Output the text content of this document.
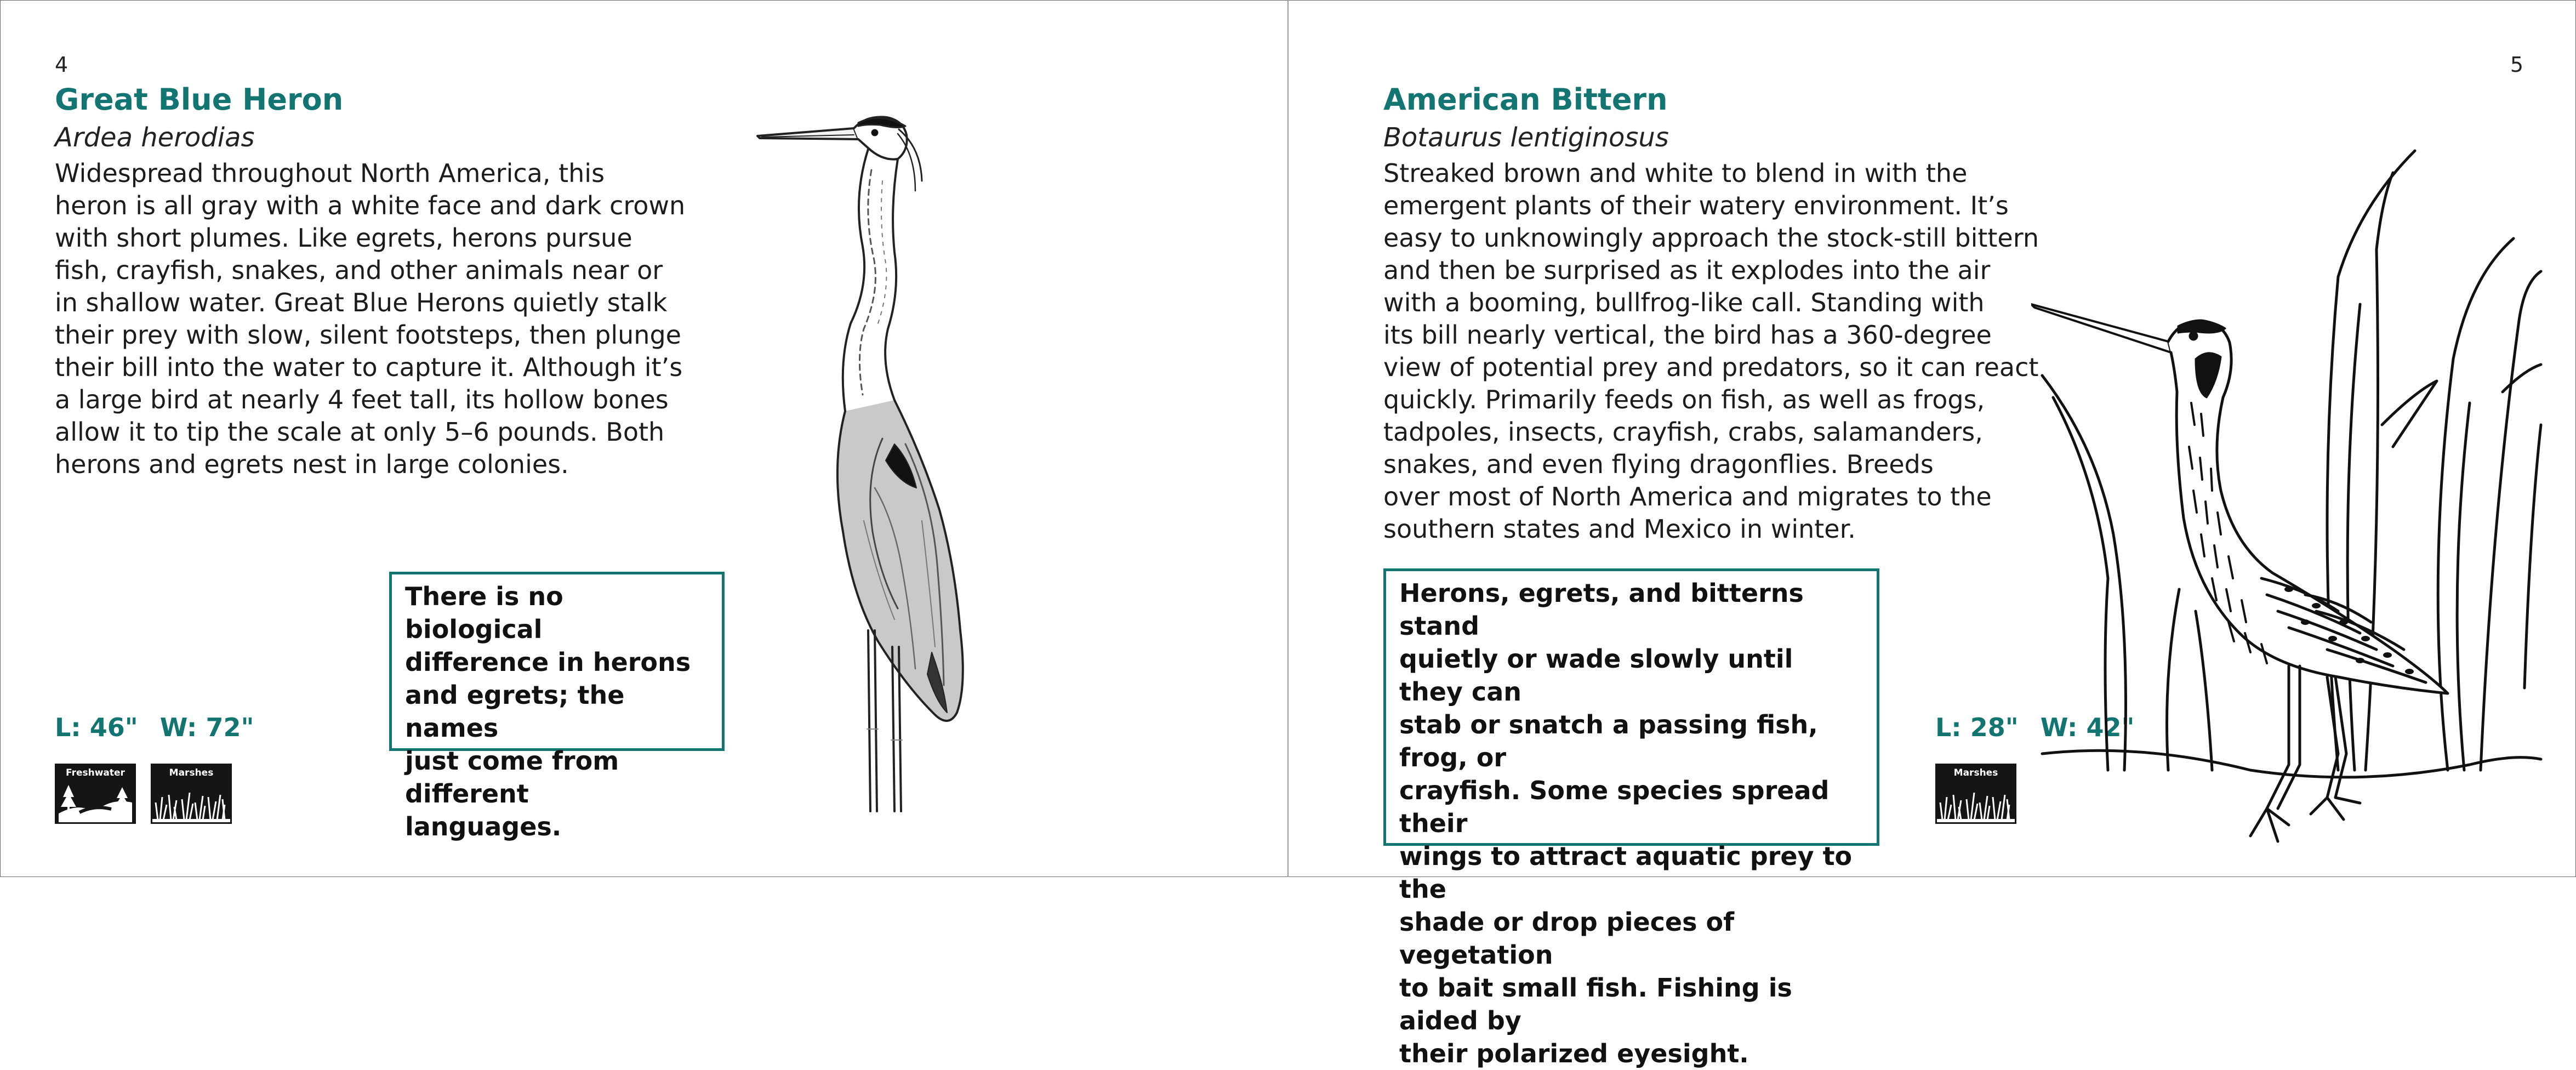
4
Great Blue Heron
Ardea herodias
Widespread throughout North America, this
heron is all gray with a white face and dark crown
with short plumes. Like egrets, herons pursue
fish, crayfish, snakes, and other animals near or
in shallow water. Great Blue Herons quietly stalk
their prey with slow, silent footsteps, then plunge
their bill into the water to capture it. Although it’s
a large bird at nearly 4 feet tall, its hollow bones
allow it to tip the scale at only 5–6 pounds. Both
herons and egrets nest in large colonies.
There is no biological
difference in herons
and egrets; the names
just come from different
languages.
L: 46" W: 72"
Freshwater	Marshes
5
American Bittern
Botaurus lentiginosus
Streaked brown and white to blend in with the
emergent plants of their watery environment. It’s
easy to unknowingly approach the stock-still bittern
and then be surprised as it explodes into the air
with a booming, bullfrog-like call. Standing with
its bill nearly vertical, the bird has a 360-degree
view of potential prey and predators, so it can react
quickly. Primarily feeds on fish, as well as frogs,
tadpoles, insects, crayfish, crabs, salamanders,
snakes, and even flying dragonflies. Breeds
over most of North America and migrates to the
southern states and Mexico in winter.
Herons, egrets, and bitterns stand
quietly or wade slowly until they can
stab or snatch a passing fish, frog, or
crayfish. Some species spread their
wings to attract aquatic prey to the
shade or drop pieces of vegetation
to bait small fish. Fishing is aided by
their polarized eyesight.
L: 28" W: 42"
Marshes
